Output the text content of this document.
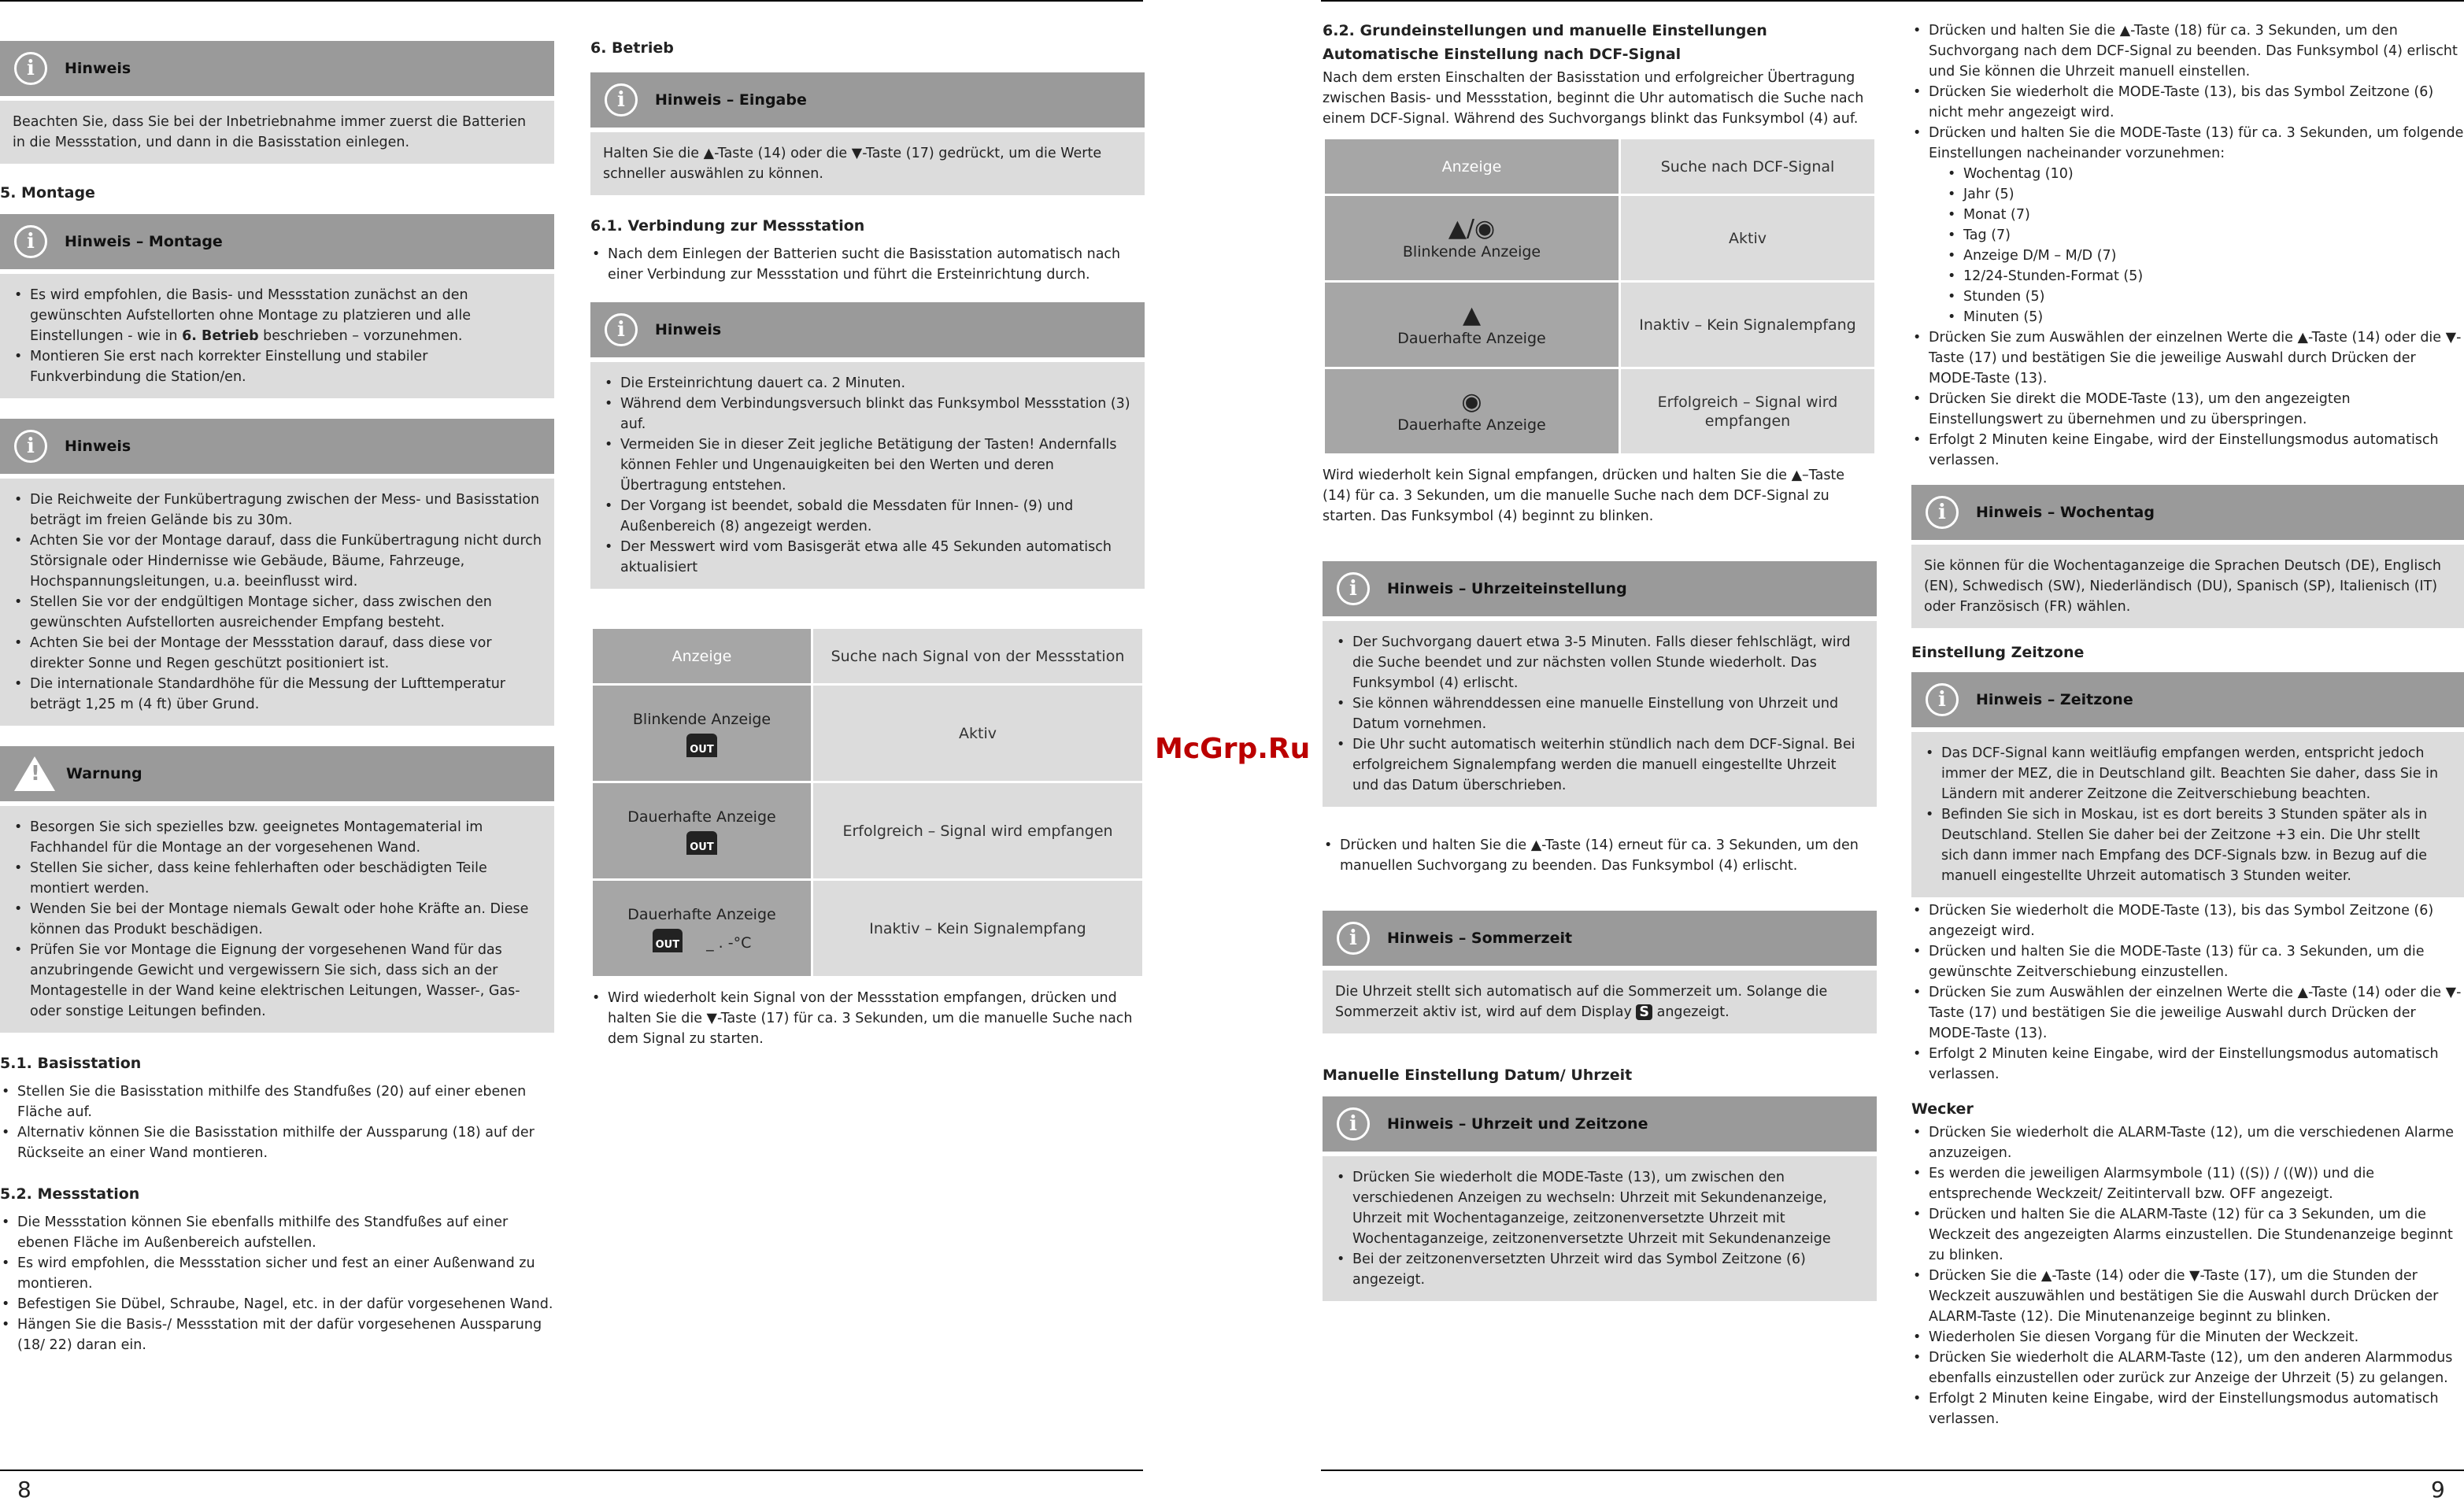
8	9
McGrp.Ru
i	Hinweis

Beachten Sie, dass Sie bei der Inbetriebnahme immer zuerst die Batterien in die Messstation, und dann in die Basisstation einlegen.

5. Montage
i	Hinweis – Montage
• Es wird empfohlen, die Basis- und Messstation zunächst an den gewünschten Aufstellorten ohne Montage zu platzieren und alle Einstellungen - wie in 6. Betrieb beschrieben – vorzunehmen.
• Montieren Sie erst nach korrekter Einstellung und stabiler Funkverbindung die Station/en.
i	Hinweis
• Die Reichweite der Funkübertragung zwischen der Mess- und Basisstation beträgt im freien Gelände bis zu 30m.
• Achten Sie vor der Montage darauf, dass die Funkübertragung nicht durch Störsignale oder Hindernisse wie Gebäude, Bäume, Fahrzeuge, Hochspannungsleitungen, u.a. beeinflusst wird.
• Stellen Sie vor der endgültigen Montage sicher, dass zwischen den gewünschten Aufstellorten ausreichender Empfang besteht.
• Achten Sie bei der Montage der Messstation darauf, dass diese vor direkter Sonne und Regen geschützt positioniert ist.
• Die internationale Standardhöhe für die Messung der Lufttemperatur beträgt 1,25 m (4 ft) über Grund.
! Warnung
• Besorgen Sie sich spezielles bzw. geeignetes Montagematerial im Fachhandel für die Montage an der vorgesehenen Wand.
• Stellen Sie sicher, dass keine fehlerhaften oder beschädigten Teile montiert werden.
• Wenden Sie bei der Montage niemals Gewalt oder hohe Kräfte an. Diese können das Produkt beschädigen.
• Prüfen Sie vor Montage die Eignung der vorgesehenen Wand für das anzubringende Gewicht und vergewissern Sie sich, dass sich an der Montagestelle in der Wand keine elektrischen Leitungen, Wasser-, Gas- oder sonstige Leitungen befinden.
5.1. Basisstation
• Stellen Sie die Basisstation mithilfe des Standfußes (20) auf einer ebenen Fläche auf.
• Alternativ können Sie die Basisstation mithilfe der Aussparung (18) auf der Rückseite an einer Wand montieren.
5.2. Messstation
• Die Messstation können Sie ebenfalls mithilfe des Standfußes auf einer ebenen Fläche im Außenbereich aufstellen.
• Es wird empfohlen, die Messstation sicher und fest an einer Außenwand zu montieren.
• Befestigen Sie Dübel, Schraube, Nagel, etc. in der dafür vorgesehenen Wand.
• Hängen Sie die Basis-/ Messstation mit der dafür vorgesehenen Aussparung (18/ 22) daran ein.
6. Betrieb
i	Hinweis – Eingabe

Halten Sie die ▲-Taste (14) oder die ▼-Taste (17) gedrückt, um die Werte schneller auswählen zu können.

6.1. Verbindung zur Messstation
• Nach dem Einlegen der Batterien sucht die Basisstation automatisch nach einer Verbindung zur Messstation und führt die Ersteinrichtung durch.
i	Hinweis
• Die Ersteinrichtung dauert ca. 2 Minuten.
• Während dem Verbindungsversuch blinkt das Funksymbol Messstation (3) auf.
• Vermeiden Sie in dieser Zeit jegliche Betätigung der Tasten! Andernfalls können Fehler und Ungenauigkeiten bei den Werten und deren Übertragung entstehen.
• Der Vorgang ist beendet, sobald die Messdaten für Innen- (9) und Außenbereich (8) angezeigt werden.
• Der Messwert wird vom Basisgerät etwa alle 45 Sekunden automatisch aktualisiert
Anzeige	Suche nach Signal von der Messstation

Blinkende Anzeige
OUT	Aktiv

Dauerhafte Anzeige
OUT	Erfolgreich – Signal wird empfangen

Dauerhafte Anzeige
OUT _ . -°C	Inaktiv – Kein Signalempfang
• Wird wiederholt kein Signal von der Messstation empfangen, drücken und halten Sie die ▼-Taste (17) für ca. 3 Sekunden, um die manuelle Suche nach dem Signal zu starten.
6.2. Grundeinstellungen und manuelle Einstellungen
Automatische Einstellung nach DCF-Signal

Nach dem ersten Einschalten der Basisstation und erfolgreicher Übertragung zwischen Basis- und Messstation, beginnt die Uhr automatisch die Suche nach einem DCF-Signal. Während des Suchvorgangs blinkt das Funksymbol (4) auf.

Anzeige	Suche nach DCF-Signal

▲/◉
Blinkende Anzeige	Aktiv

▲
Dauerhafte Anzeige	Inaktiv – Kein Signalempfang

◉
Dauerhafte Anzeige	Erfolgreich – Signal wird empfangen

Wird wiederholt kein Signal empfangen, drücken und halten Sie die ▲–Taste (14) für ca. 3 Sekunden, um die manuelle Suche nach dem DCF-Signal zu starten. Das Funksymbol (4) beginnt zu blinken.

i	Hinweis – Uhrzeiteinstellung
• Der Suchvorgang dauert etwa 3-5 Minuten. Falls dieser fehlschlägt, wird die Suche beendet und zur nächsten vollen Stunde wiederholt. Das Funksymbol (4) erlischt.
• Sie können währenddessen eine manuelle Einstellung von Uhrzeit und Datum vornehmen.
• Die Uhr sucht automatisch weiterhin stündlich nach dem DCF-Signal. Bei erfolgreichem Signalempfang werden die manuell eingestellte Uhrzeit und das Datum überschrieben.
• Drücken und halten Sie die ▲-Taste (14) erneut für ca. 3 Sekunden, um den manuellen Suchvorgang zu beenden. Das Funksymbol (4) erlischt.
i	Hinweis – Sommerzeit

Die Uhrzeit stellt sich automatisch auf die Sommerzeit um. Solange die Sommerzeit aktiv ist, wird auf dem Display S angezeigt.

Manuelle Einstellung Datum/ Uhrzeit
i	Hinweis – Uhrzeit und Zeitzone
• Drücken Sie wiederholt die MODE-Taste (13), um zwischen den verschiedenen Anzeigen zu wechseln: Uhrzeit mit Sekundenanzeige, Uhrzeit mit Wochentaganzeige, zeitzonenversetzte Uhrzeit mit Wochentaganzeige, zeitzonenversetzte Uhrzeit mit Sekundenanzeige
• Bei der zeitzonenversetzten Uhrzeit wird das Symbol Zeitzone (6) angezeigt.
• Drücken und halten Sie die ▲-Taste (18) für ca. 3 Sekunden, um den Suchvorgang nach dem DCF-Signal zu beenden. Das Funksymbol (4) erlischt und Sie können die Uhrzeit manuell einstellen.
• Drücken Sie wiederholt die MODE-Taste (13), bis das Symbol Zeitzone (6) nicht mehr angezeigt wird.
• Drücken und halten Sie die MODE-Taste (13) für ca. 3 Sekunden, um folgende Einstellungen nacheinander vorzunehmen:
• Wochentag (10)
• Jahr (5)
• Monat (7)
• Tag (7)
• Anzeige D/M – M/D (7)
• 12/24-Stunden-Format (5)
• Stunden (5)
• Minuten (5)
• Drücken Sie zum Auswählen der einzelnen Werte die ▲-Taste (14) oder die ▼-Taste (17) und bestätigen Sie die jeweilige Auswahl durch Drücken der MODE-Taste (13).
• Drücken Sie direkt die MODE-Taste (13), um den angezeigten Einstellungswert zu übernehmen und zu überspringen.
• Erfolgt 2 Minuten keine Eingabe, wird der Einstellungsmodus automatisch verlassen.
i	Hinweis – Wochentag

Sie können für die Wochentaganzeige die Sprachen Deutsch (DE), Englisch (EN), Schwedisch (SW), Niederländisch (DU), Spanisch (SP), Italienisch (IT) oder Französisch (FR) wählen.

Einstellung Zeitzone
i	Hinweis – Zeitzone
• Das DCF-Signal kann weitläufig empfangen werden, entspricht jedoch immer der MEZ, die in Deutschland gilt. Beachten Sie daher, dass Sie in Ländern mit anderer Zeitzone die Zeitverschiebung beachten.
• Befinden Sie sich in Moskau, ist es dort bereits 3 Stunden später als in Deutschland. Stellen Sie daher bei der Zeitzone +3 ein. Die Uhr stellt sich dann immer nach Empfang des DCF-Signals bzw. in Bezug auf die manuell eingestellte Uhrzeit automatisch 3 Stunden weiter.
• Drücken Sie wiederholt die MODE-Taste (13), bis das Symbol Zeitzone (6) angezeigt wird.
• Drücken und halten Sie die MODE-Taste (13) für ca. 3 Sekunden, um die gewünschte Zeitverschiebung einzustellen.
• Drücken Sie zum Auswählen der einzelnen Werte die ▲-Taste (14) oder die ▼-Taste (17) und bestätigen Sie die jeweilige Auswahl durch Drücken der MODE-Taste (13).
• Erfolgt 2 Minuten keine Eingabe, wird der Einstellungsmodus automatisch verlassen.
Wecker
• Drücken Sie wiederholt die ALARM-Taste (12), um die verschiedenen Alarme anzuzeigen.
• Es werden die jeweiligen Alarmsymbole (11) ((S)) / ((W)) und die entsprechende Weckzeit/ Zeitintervall bzw. OFF angezeigt.
• Drücken und halten Sie die ALARM-Taste (12) für ca 3 Sekunden, um die Weckzeit des angezeigten Alarms einzustellen. Die Stundenanzeige beginnt zu blinken.
• Drücken Sie die ▲-Taste (14) oder die ▼-Taste (17), um die Stunden der Weckzeit auszuwählen und bestätigen Sie die Auswahl durch Drücken der ALARM-Taste (12). Die Minutenanzeige beginnt zu blinken.
• Wiederholen Sie diesen Vorgang für die Minuten der Weckzeit.
• Drücken Sie wiederholt die ALARM-Taste (12), um den anderen Alarmmodus ebenfalls einzustellen oder zurück zur Anzeige der Uhrzeit (5) zu gelangen.
• Erfolgt 2 Minuten keine Eingabe, wird der Einstellungsmodus automatisch verlassen.
